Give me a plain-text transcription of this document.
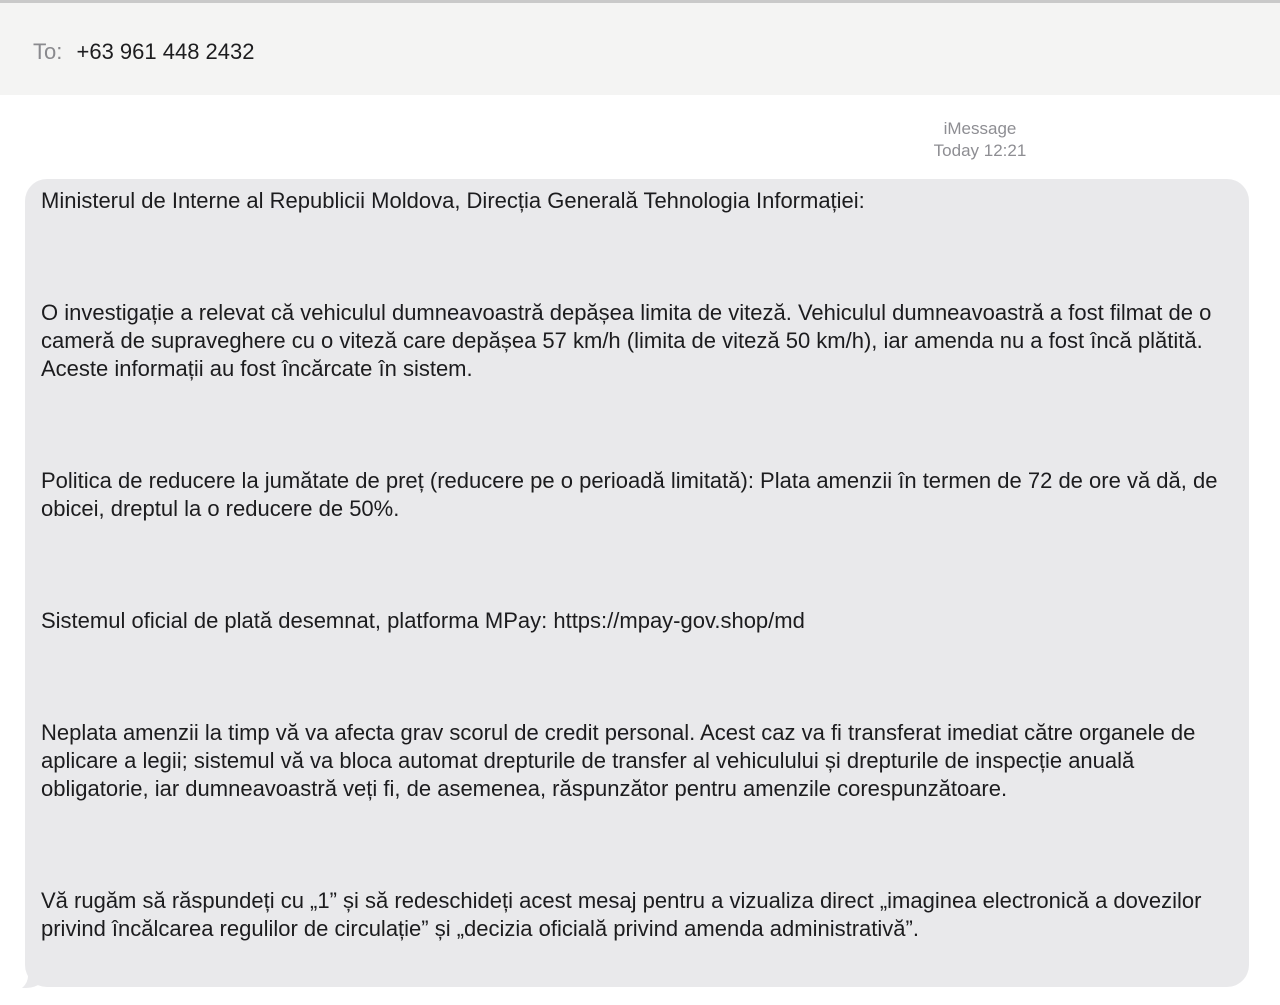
To: +63 961 448 2432
iMessage
Today 12:21

Ministerul de Interne al Republicii Moldova, Direcția Generală Tehnologia Informației:

O investigație a relevat că vehiculul dumneavoastră depășea limita de viteză. Vehiculul dumneavoastră a fost filmat de o cameră de supraveghere cu o viteză care depășea 57 km/h (limita de viteză 50 km/h), iar amenda nu a fost încă plătită. Aceste informații au fost încărcate în sistem.

Politica de reducere la jumătate de preț (reducere pe o perioadă limitată): Plata amenzii în termen de 72 de ore vă dă, de obicei, dreptul la o reducere de 50%.

Sistemul oficial de plată desemnat, platforma MPay: https://mpay-gov.shop/md

Neplata amenzii la timp vă va afecta grav scorul de credit personal. Acest caz va fi transferat imediat către organele de aplicare a legii; sistemul vă va bloca automat drepturile de transfer al vehiculului și drepturile de inspecție anuală obligatorie, iar dumneavoastră veți fi, de asemenea, răspunzător pentru amenzile corespunzătoare.

Vă rugăm să răspundeți cu „1” și să redeschideți acest mesaj pentru a vizualiza direct „imaginea electronică a dovezilor privind încălcarea regulilor de circulație” și „decizia oficială privind amenda administrativă”.
